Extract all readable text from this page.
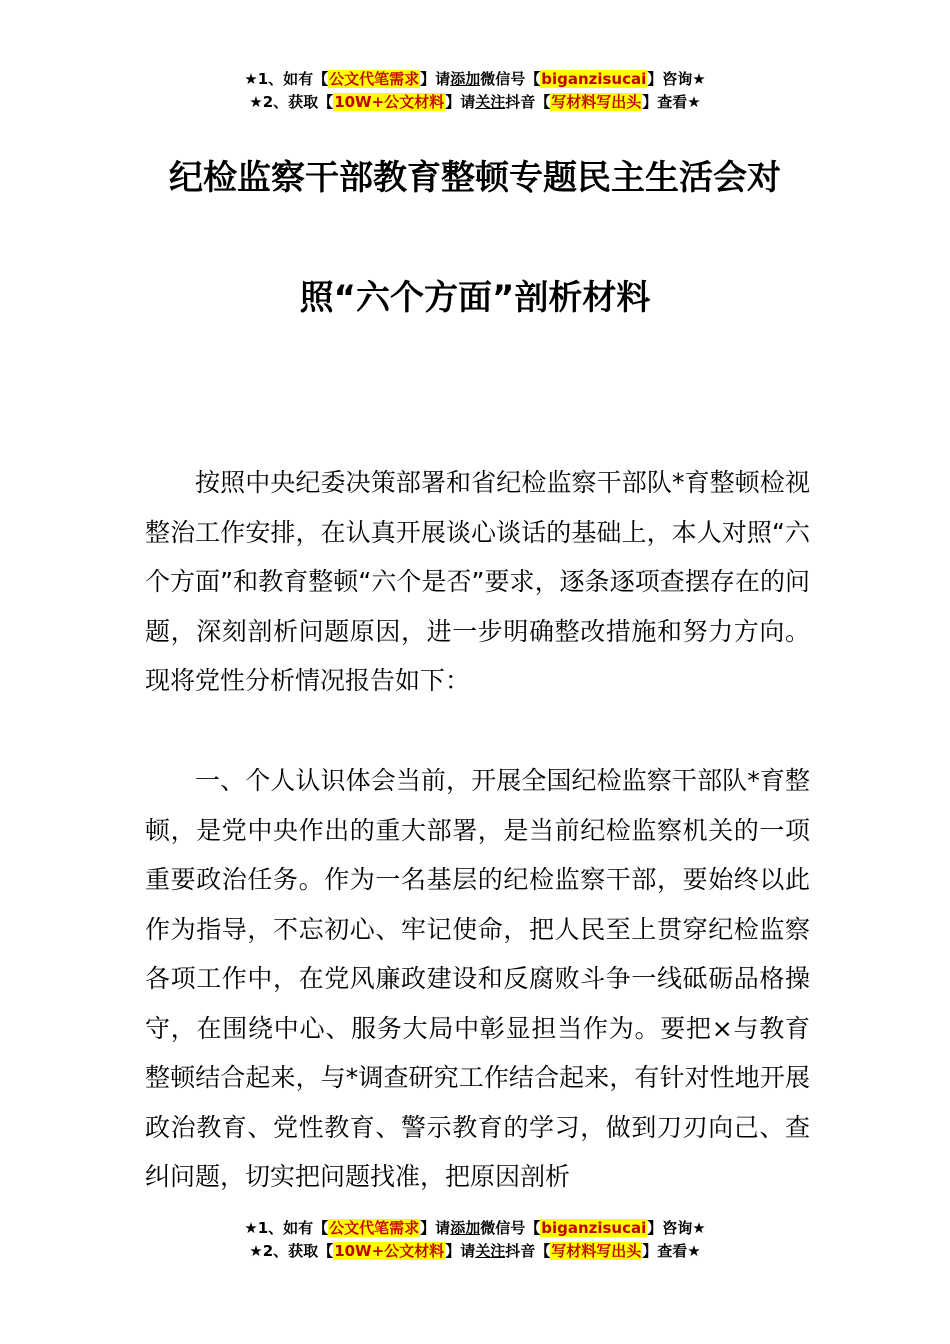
★1、如有【公文代笔需求】请添加微信号【biganzisucai】咨询★
★2、获取【10W+公文材料】请关注抖音【写材料写出头】查看★
纪检监察干部教育整顿专题民主生活会对
照“六个方面”剖析材料

按照中央纪委决策部署和省纪检监察干部队*育整顿检视整治工作安排，在认真开展谈心谈话的基础上，本人对照“六个方面”和教育整顿“六个是否”要求，逐条逐项查摆存在的问题，深刻剖析问题原因，进一步明确整改措施和努力方向。现将党性分析情况报告如下：

一、个人认识体会当前，开展全国纪检监察干部队*育整顿，是党中央作出的重大部署，是当前纪检监察机关的一项重要政治任务。作为一名基层的纪检监察干部，要始终以此作为指导，不忘初心、牢记使命，把人民至上贯穿纪检监察各项工作中，在党风廉政建设和反腐败斗争一线砥砺品格操守，在围绕中心、服务大局中彰显担当作为。要把×与教育整顿结合起来，与*调查研究工作结合起来，有针对性地开展政治教育、党性教育、警示教育的学习，做到刀刃向己、查纠问题，切实把问题找准，把原因剖析

★1、如有【公文代笔需求】请添加微信号【biganzisucai】咨询★
★2、获取【10W+公文材料】请关注抖音【写材料写出头】查看★
